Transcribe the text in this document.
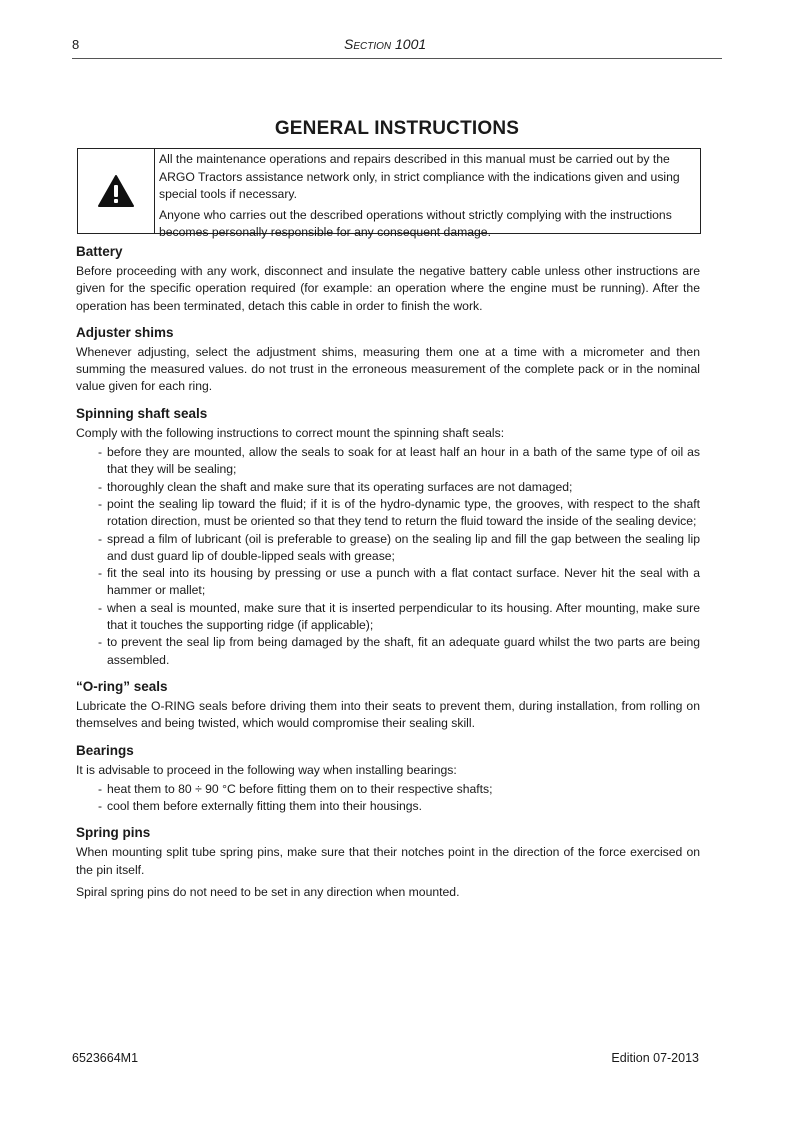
8	Section 1001
GENERAL INSTRUCTIONS

All the maintenance operations and repairs described in this manual must be carried out by the ARGO Tractors assistance network only, in strict compliance with the indications given and using special tools if necessary.

Anyone who carries out the described operations without strictly complying with the instructions becomes personally responsible for any consequent damage.

Battery

Before proceeding with any work, disconnect and insulate the negative battery cable unless other instructions are given for the specific operation required (for example: an operation where the engine must be running). After the operation has been terminated, detach this cable in order to finish the work.

Adjuster shims

Whenever adjusting, select the adjustment shims, measuring them one at a time with a micrometer and then summing the measured values. do not trust in the erroneous measurement of the complete pack or in the nominal value given for each ring.

Spinning shaft seals

Comply with the following instructions to correct mount the spinning shaft seals:

- before they are mounted, allow the seals to soak for at least half an hour in a bath of the same type of oil as that they will be sealing;
- thoroughly clean the shaft and make sure that its operating surfaces are not damaged;
- point the sealing lip toward the fluid; if it is of the hydro-dynamic type, the grooves, with respect to the shaft rotation direction, must be oriented so that they tend to return the fluid toward the inside of the sealing device;
- spread a film of lubricant (oil is preferable to grease) on the sealing lip and fill the gap between the sealing lip and dust guard lip of double-lipped seals with grease;
- fit the seal into its housing by pressing or use a punch with a flat contact surface. Never hit the seal with a hammer or mallet;
- when a seal is mounted, make sure that it is inserted perpendicular to its housing. After mounting, make sure that it touches the supporting ridge (if applicable);
- to prevent the seal lip from being damaged by the shaft, fit an adequate guard whilst the two parts are being assembled.
“O-ring” seals

Lubricate the O-RING seals before driving them into their seats to prevent them, during installation, from rolling on themselves and being twisted, which would compromise their sealing skill.

Bearings

It is advisable to proceed in the following way when installing bearings:

- heat them to 80 ÷ 90 °C before fitting them on to their respective shafts;
- cool them before externally fitting them into their housings.
Spring pins

When mounting split tube spring pins, make sure that their notches point in the direction of the force exercised on the pin itself.

Spiral spring pins do not need to be set in any direction when mounted.

6523664M1	Edition 07-2013
